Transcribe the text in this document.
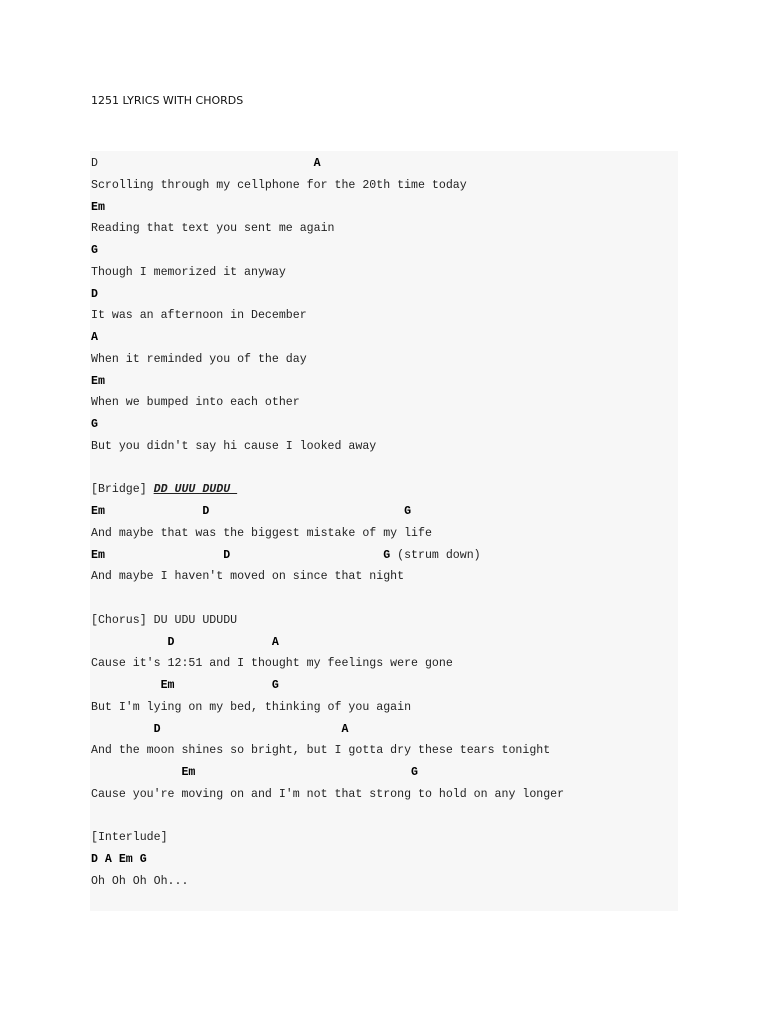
1251 LYRICS WITH CHORDS
D                               A
Scrolling through my cellphone for the 20th time today
Em
Reading that text you sent me again
G
Though I memorized it anyway
D
It was an afternoon in December
A
When it reminded you of the day
Em
When we bumped into each other
G
But you didn't say hi cause I looked away
[Bridge] DD UUU DUDU
Em              D                            G
And maybe that was the biggest mistake of my life
Em                 D                      G (strum down)
And maybe I haven't moved on since that night
[Chorus] DU UDU UDUDU
D              A
Cause it's 12:51 and I thought my feelings were gone
Em              G
But I'm lying on my bed, thinking of you again
D                          A
And the moon shines so bright, but I gotta dry these tears tonight
Em                               G
Cause you're moving on and I'm not that strong to hold on any longer
[Interlude]
D A Em G
Oh Oh Oh Oh...
